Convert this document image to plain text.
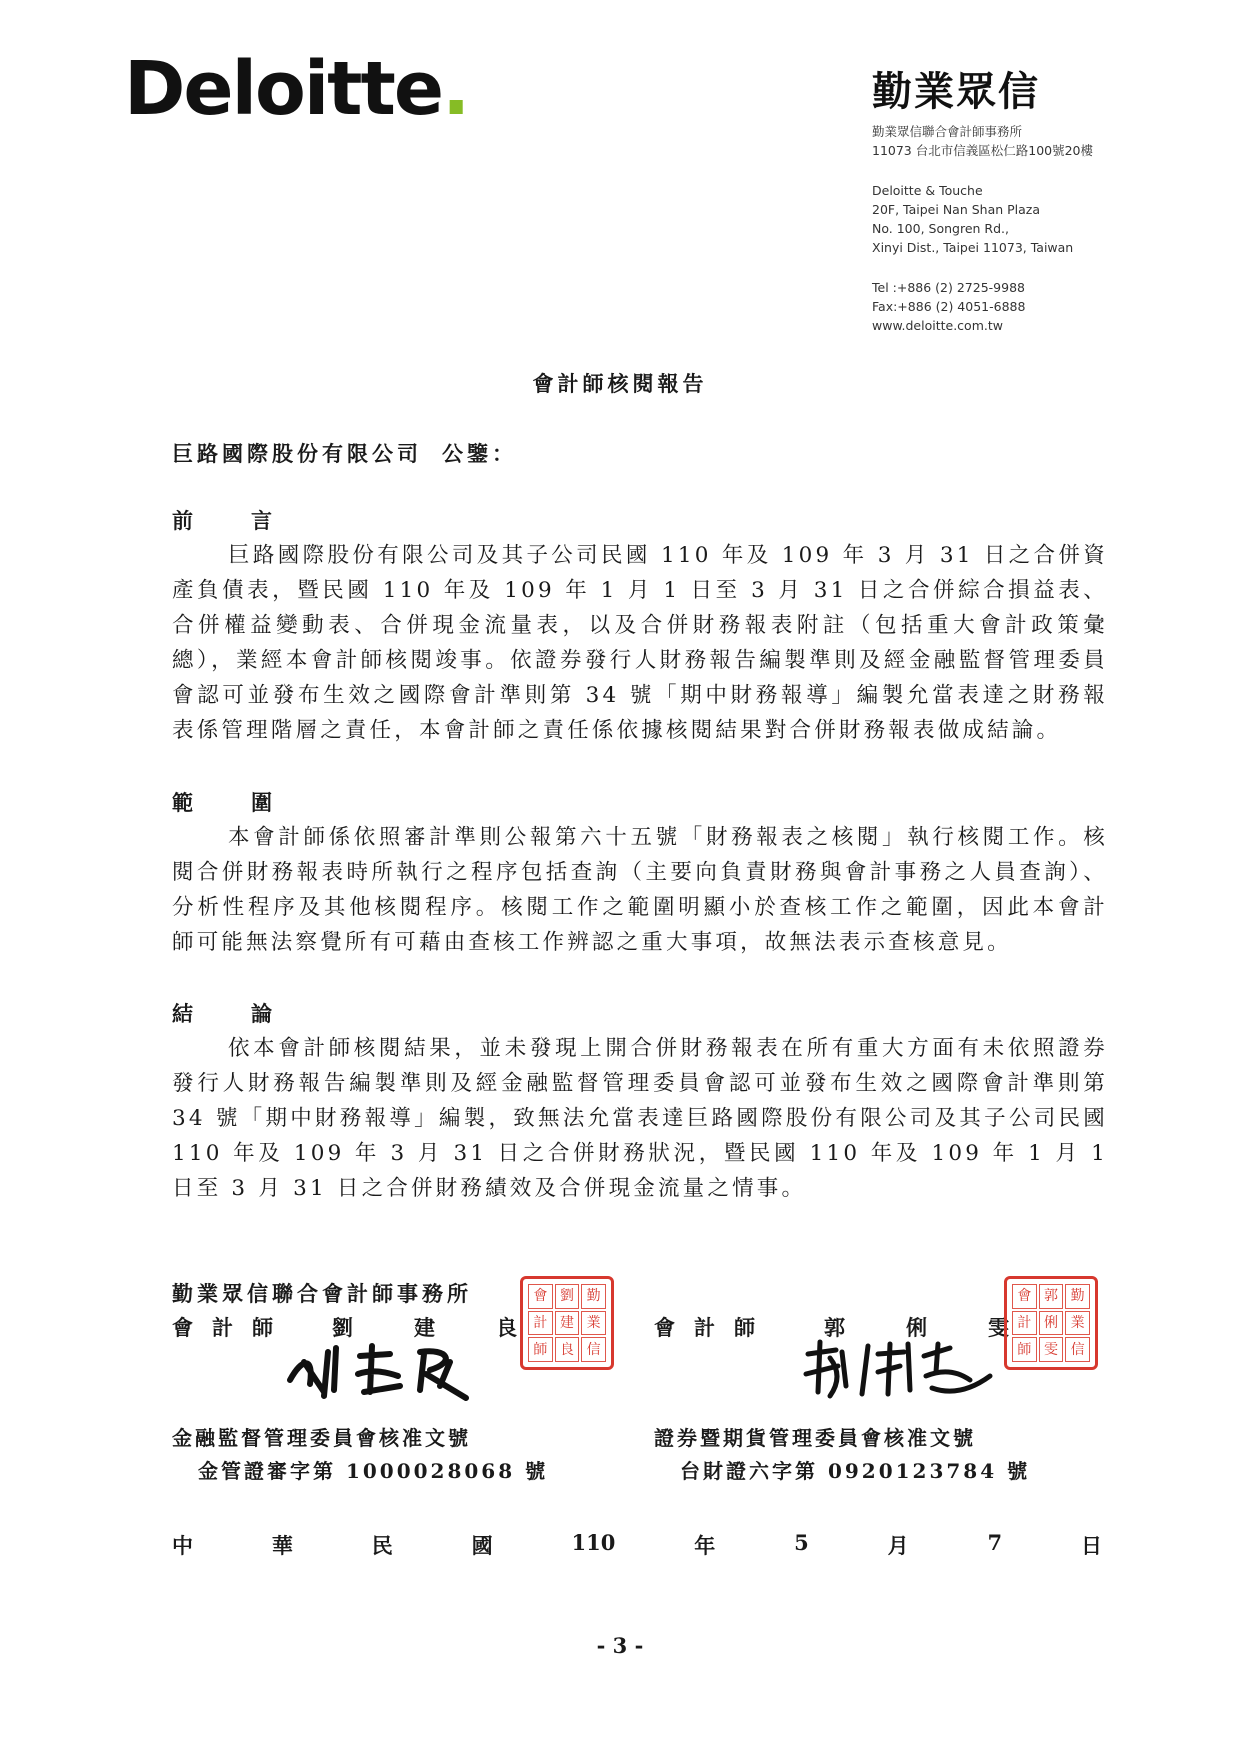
Deloitte.	勤業眾信
勤業眾信聯合會計師事務所
11073 台北市信義區松仁路100號20樓
Deloitte & Touche
20F, Taipei Nan Shan Plaza
No. 100, Songren Rd.,
Xinyi Dist., Taipei 11073, Taiwan
Tel :+886 (2) 2725-9988
Fax:+886 (2) 4051-6888
www.deloitte.com.tw
會計師核閱報告
巨路國際股份有限公司 公鑒：
前	言
巨路國際股份有限公司及其子公司民國 110 年及 109 年 3 月 31 日之合併資產負債表，暨民國 110 年及 109 年 1 月 1 日至 3 月 31 日之合併綜合損益表、合併權益變動表、合併現金流量表，以及合併財務報表附註（包括重大會計政策彙總），業經本會計師核閱竣事。依證券發行人財務報告編製準則及經金融監督管理委員會認可並發布生效之國際會計準則第 34 號「期中財務報導」編製允當表達之財務報表係管理階層之責任，本會計師之責任係依據核閱結果對合併財務報表做成結論。
範	圍
本會計師係依照審計準則公報第六十五號「財務報表之核閱」執行核閱工作。核閱合併財務報表時所執行之程序包括查詢（主要向負責財務與會計事務之人員查詢）、分析性程序及其他核閱程序。核閱工作之範圍明顯小於查核工作之範圍，因此本會計師可能無法察覺所有可藉由查核工作辨認之重大事項，故無法表示查核意見。
結	論
依本會計師核閱結果，並未發現上開合併財務報表在所有重大方面有未依照證券發行人財務報告編製準則及經金融監督管理委員會認可並發布生效之國際會計準則第 34 號「期中財務報導」編製，致無法允當表達巨路國際股份有限公司及其子公司民國 110 年及 109 年 3 月 31 日之合併財務狀況，暨民國 110 年及 109 年 1 月 1 日至 3 月 31 日之合併財務績效及合併現金流量之情事。
勤業眾信聯合會計師事務所
會 計 師	劉	建	良	會 計 師	郭	俐	雯
會 劉 勤
計 建 業
師 良 信
會 郭 勤
計 俐 業
師 雯 信
金融監督管理委員會核准文號
金管證審字第 1000028068 號
證券暨期貨管理委員會核准文號
台財證六字第 0920123784 號
中	華	民	國	110	年	5	月	7	日
- 3 -
